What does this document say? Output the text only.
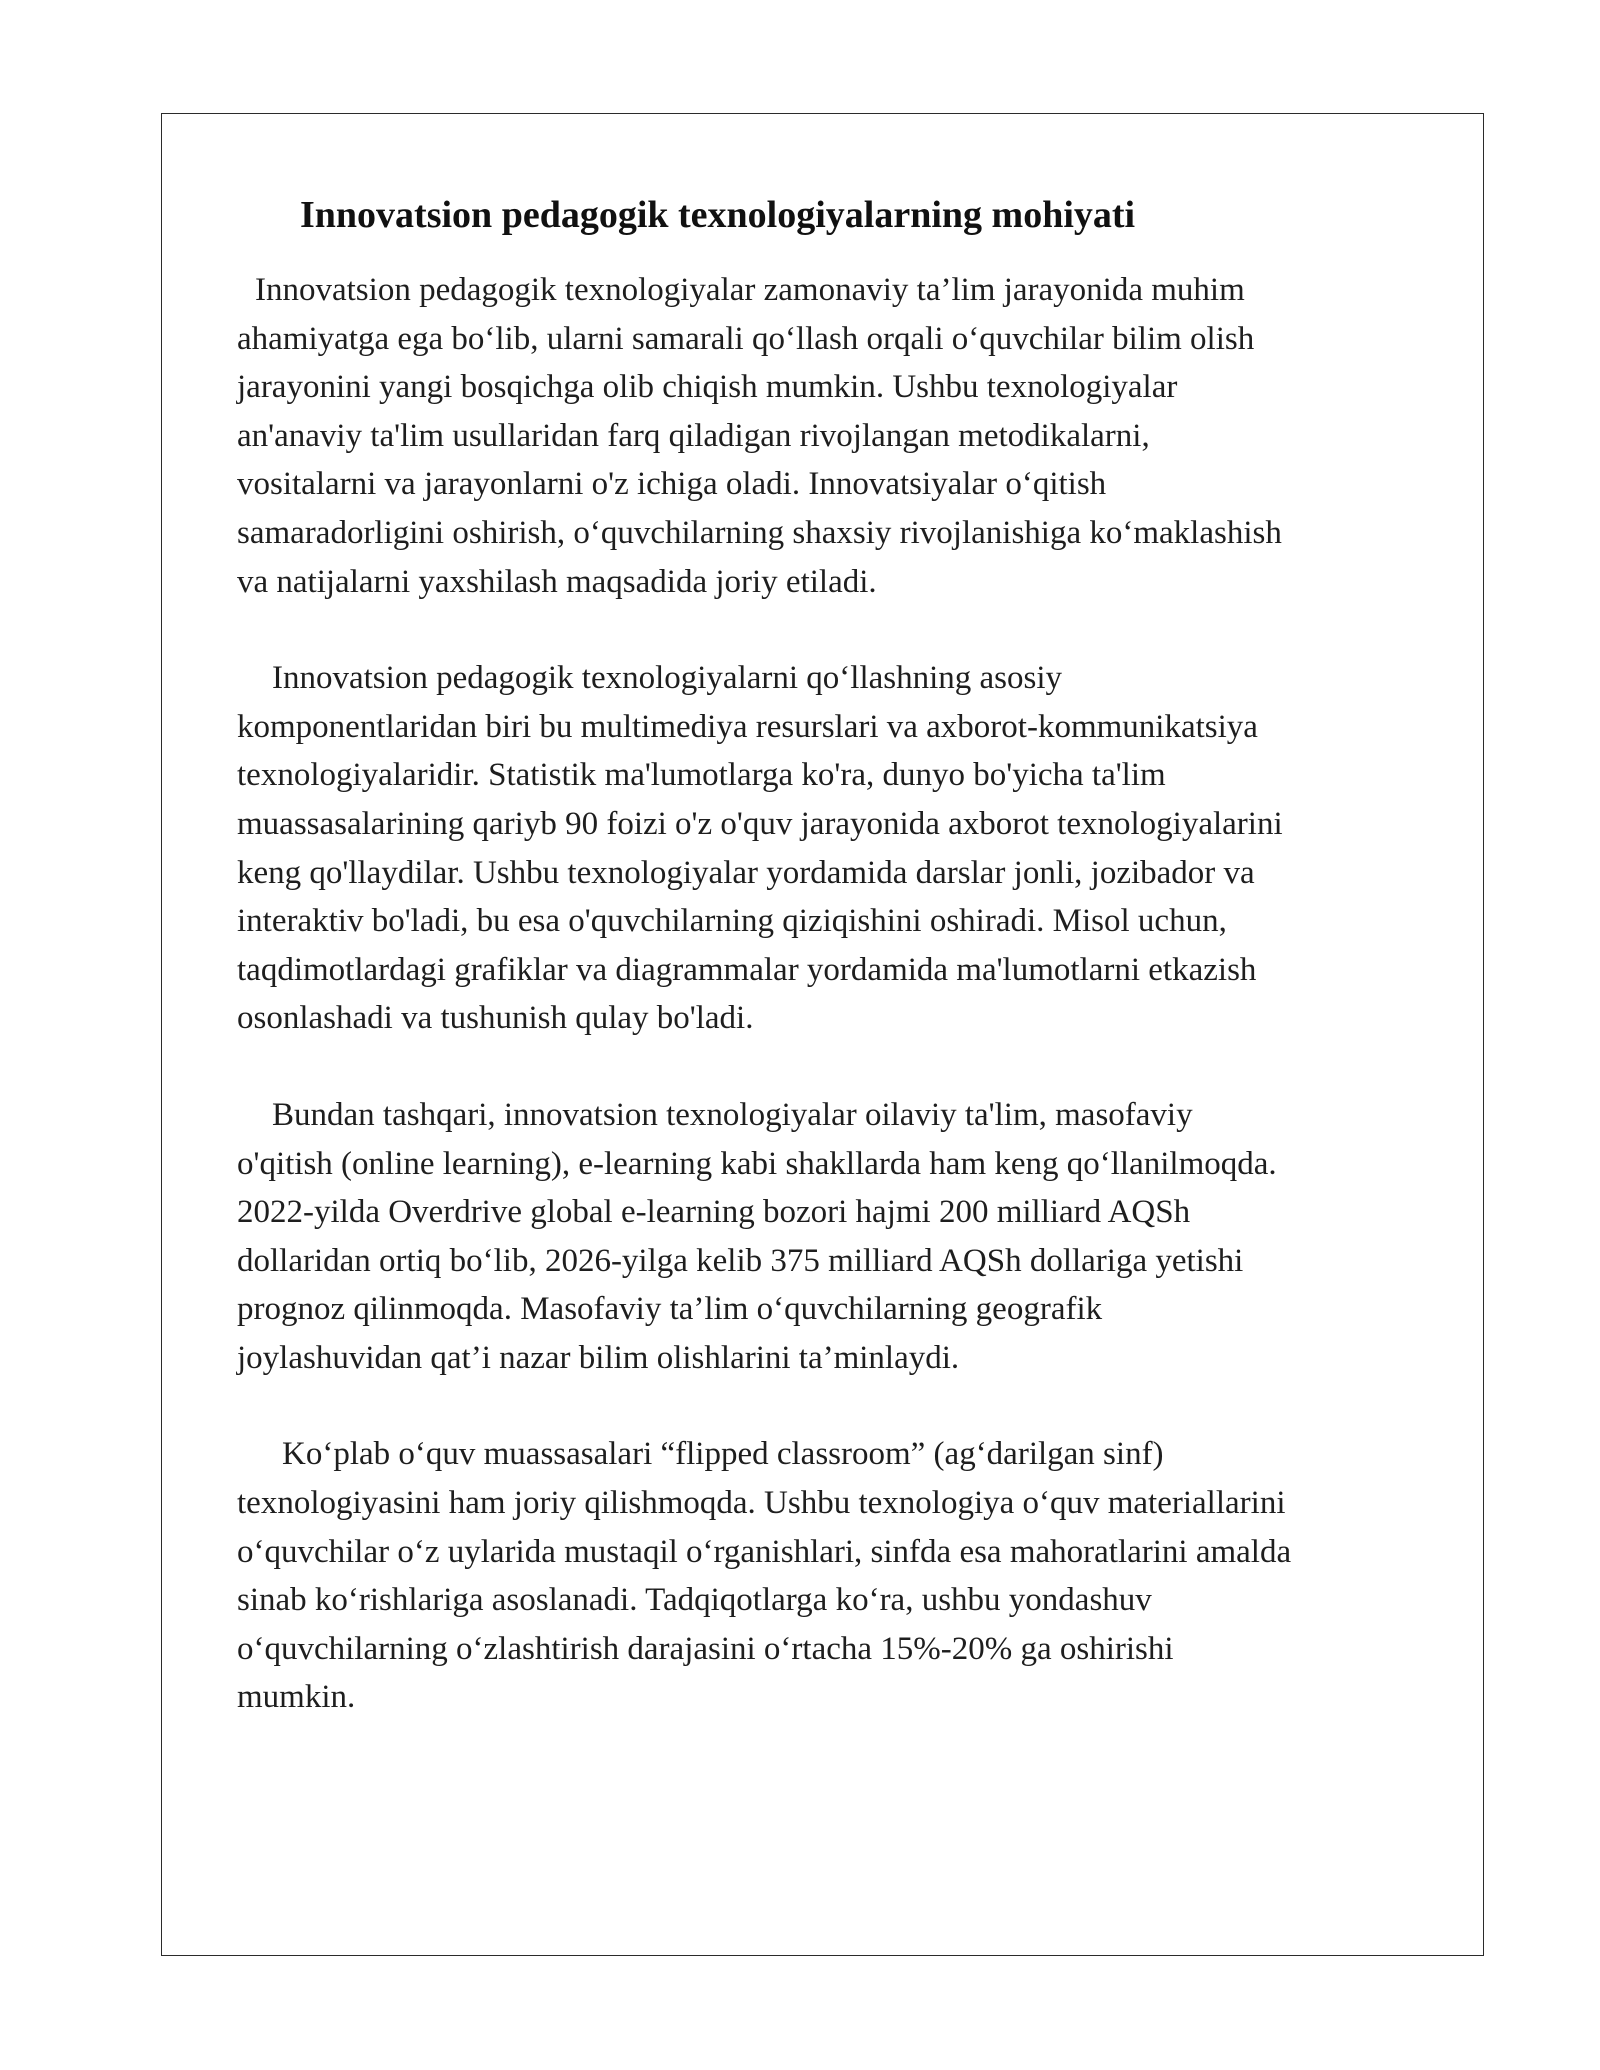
Innovatsion pedagogik texnologiyalarning mohiyati

Innovatsion pedagogik texnologiyalar zamonaviy ta’lim jarayonida muhim
ahamiyatga ega bo‘lib, ularni samarali qo‘llash orqali o‘quvchilar bilim olish
jarayonini yangi bosqichga olib chiqish mumkin. Ushbu texnologiyalar
an'anaviy ta'lim usullaridan farq qiladigan rivojlangan metodikalarni,
vositalarni va jarayonlarni o'z ichiga oladi. Innovatsiyalar o‘qitish
samaradorligini oshirish, o‘quvchilarning shaxsiy rivojlanishiga ko‘maklashish
va natijalarni yaxshilash maqsadida joriy etiladi.

Innovatsion pedagogik texnologiyalarni qo‘llashning asosiy
komponentlaridan biri bu multimediya resurslari va axborot-kommunikatsiya
texnologiyalaridir. Statistik ma'lumotlarga ko'ra, dunyo bo'yicha ta'lim
muassasalarining qariyb 90 foizi o'z o'quv jarayonida axborot texnologiyalarini
keng qo'llaydilar. Ushbu texnologiyalar yordamida darslar jonli, jozibador va
interaktiv bo'ladi, bu esa o'quvchilarning qiziqishini oshiradi. Misol uchun,
taqdimotlardagi grafiklar va diagrammalar yordamida ma'lumotlarni etkazish
osonlashadi va tushunish qulay bo'ladi.

Bundan tashqari, innovatsion texnologiyalar oilaviy ta'lim, masofaviy
o'qitish (online learning), e-learning kabi shakllarda ham keng qo‘llanilmoqda.
2022-yilda Overdrive global e-learning bozori hajmi 200 milliard AQSh
dollaridan ortiq bo‘lib, 2026-yilga kelib 375 milliard AQSh dollariga yetishi
prognoz qilinmoqda. Masofaviy ta’lim o‘quvchilarning geografik
joylashuvidan qat’i nazar bilim olishlarini ta’minlaydi.

Ko‘plab o‘quv muassasalari “flipped classroom” (ag‘darilgan sinf)
texnologiyasini ham joriy qilishmoqda. Ushbu texnologiya o‘quv materiallarini
o‘quvchilar o‘z uylarida mustaqil o‘rganishlari, sinfda esa mahoratlarini amalda
sinab ko‘rishlariga asoslanadi. Tadqiqotlarga ko‘ra, ushbu yondashuv
o‘quvchilarning o‘zlashtirish darajasini o‘rtacha 15%-20% ga oshirishi
mumkin.
